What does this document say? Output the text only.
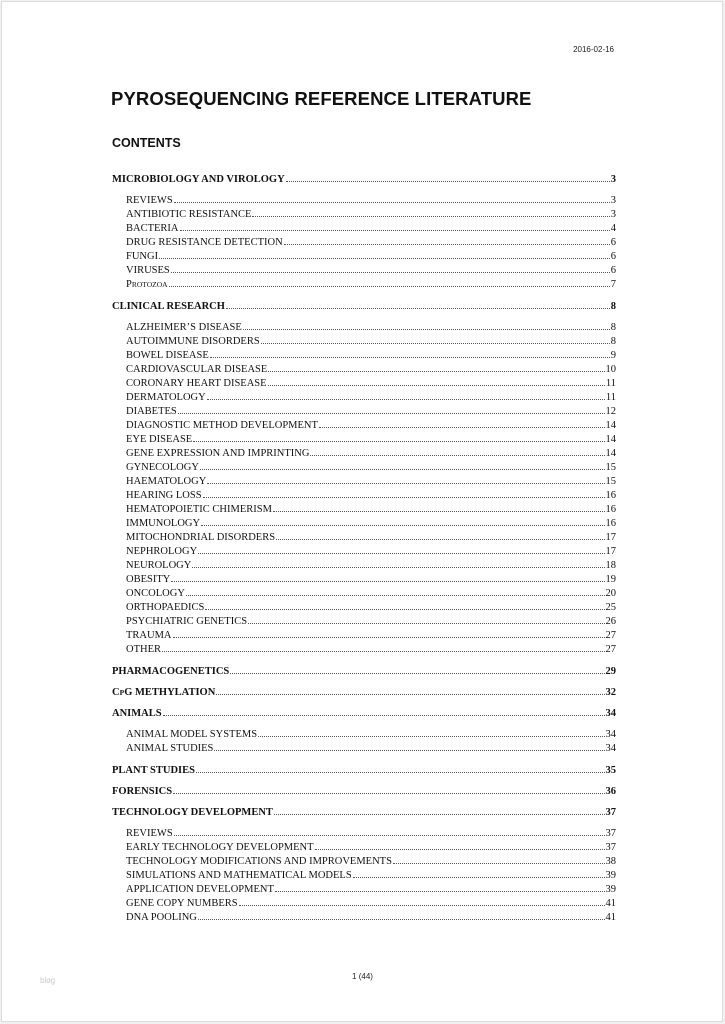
2016-02-16
PYROSEQUENCING REFERENCE LITERATURE
CONTENTS
MICROBIOLOGY AND VIROLOGY	3
REVIEWS	3
ANTIBIOTIC RESISTANCE	3
BACTERIA	4
DRUG RESISTANCE DETECTION	6
FUNGI	6
VIRUSES	6
PROTOZOA	7
CLINICAL RESEARCH	8
ALZHEIMER’S DISEASE	8
AUTOIMMUNE DISORDERS	8
BOWEL DISEASE	9
CARDIOVASCULAR DISEASE	10
CORONARY HEART DISEASE	11
DERMATOLOGY	11
DIABETES	12
DIAGNOSTIC METHOD DEVELOPMENT	14
EYE DISEASE	14
GENE EXPRESSION AND IMPRINTING	14
GYNECOLOGY	15
HAEMATOLOGY	15
HEARING LOSS	16
HEMATOPOIETIC CHIMERISM	16
IMMUNOLOGY	16
MITOCHONDRIAL DISORDERS	17
NEPHROLOGY	17
NEUROLOGY	18
OBESITY	19
ONCOLOGY	20
ORTHOPAEDICS	25
PSYCHIATRIC GENETICS	26
TRAUMA	27
OTHER	27
PHARMACOGENETICS	29
CPG METHYLATION	32
ANIMALS	34
ANIMAL MODEL SYSTEMS	34
ANIMAL STUDIES	34
PLANT STUDIES	35
FORENSICS	36
TECHNOLOGY DEVELOPMENT	37
REVIEWS	37
EARLY TECHNOLOGY DEVELOPMENT	37
TECHNOLOGY MODIFICATIONS AND IMPROVEMENTS	38
SIMULATIONS AND MATHEMATICAL MODELS	39
APPLICATION DEVELOPMENT	39
GENE COPY NUMBERS	41
DNA POOLING	41
blog	1 (44)
